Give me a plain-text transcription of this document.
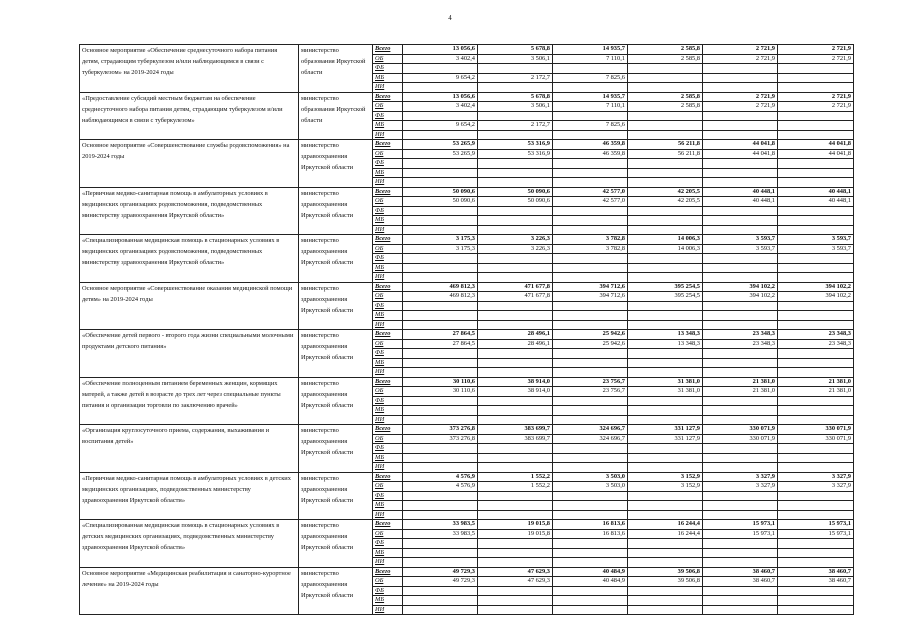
4
Основное мероприятие «Обеспечение среднесуточного набора питания детям, страдающим туберкулезом и/или наблюдающимся в связи с туберкулезом» на 2019-2024 годы	министерство образования Иркутской области	Всего	13 056,6	5 678,8	14 935,7	2 585,8	2 721,9	2 721,9
		ОБ	3 402,4	3 506,1	7 110,1	2 585,8	2 721,9	2 721,9
		ФБ						
		МБ	9 654,2	2 172,7	7 825,6			
		ИИ						
«Предоставление субсидий местным бюджетам на обеспечение среднесуточного набора питания детям, страдающим туберкулезом и/или наблюдающимся в связи с туберкулезом»	министерство образования Иркутской области	Всего	13 056,6	5 678,8	14 935,7	2 585,8	2 721,9	2 721,9
		ОБ	3 402,4	3 506,1	7 110,1	2 585,8	2 721,9	2 721,9
		ФБ						
		МБ	9 654,2	2 172,7	7 825,6			
		ИИ						
Основное мероприятие «Совершенствование службы родовспоможения» на 2019-2024 годы	министерство здравоохранения Иркутской области	Всего	53 265,9	53 316,9	46 359,8	56 211,8	44 041,8	44 041,8
		ОБ	53 265,9	53 316,9	46 359,8	56 211,8	44 041,8	44 041,8
		ФБ						
		МБ						
		ИИ						
«Первичная медико-санитарная помощь в амбулаторных условиях в медицинских организациях родовспоможения, подведомственных министерству здравоохранения Иркутской области»	министерство здравоохранения Иркутской области	Всего	50 090,6	50 090,6	42 577,0	42 205,5	40 448,1	40 448,1
		ОБ	50 090,6	50 090,6	42 577,0	42 205,5	40 448,1	40 448,1
		ФБ						
		МБ						
		ИИ						
«Специализированная медицинская помощь в стационарных условиях в медицинских организациях родовспоможения, подведомственных министерству здравоохранения Иркутской области»	министерство здравоохранения Иркутской области	Всего	3 175,3	3 226,3	3 782,8	14 006,3	3 593,7	3 593,7
		ОБ	3 175,3	3 226,3	3 782,8	14 006,3	3 593,7	3 593,7
		ФБ						
		МБ						
		ИИ						
Основное мероприятие «Совершенствование оказания медицинской помощи детям» на 2019-2024 годы	министерство здравоохранения Иркутской области	Всего	469 812,3	471 677,8	394 712,6	395 254,5	394 102,2	394 102,2
		ОБ	469 812,3	471 677,8	394 712,6	395 254,5	394 102,2	394 102,2
		ФБ						
		МБ						
		ИИ						
«Обеспечение детей первого - второго года жизни специальными молочными продуктами детского питания»	министерство здравоохранения Иркутской области	Всего	27 864,5	28 496,1	25 942,6	13 348,3	23 348,3	23 348,3
		ОБ	27 864,5	28 496,1	25 942,6	13 348,3	23 348,3	23 348,3
		ФБ						
		МБ						
		ИИ						
«Обеспечение полноценным питанием беременных женщин, кормящих матерей, а также детей в возрасте до трех лет через специальные пункты питания и организации торговли по заключению врачей»	министерство здравоохранения Иркутской области	Всего	30 110,6	38 914,0	23 756,7	31 381,0	21 381,0	21 381,0
		ОБ	30 110,6	38 914,0	23 756,7	31 381,0	21 381,0	21 381,0
		ФБ						
		МБ						
		ИИ						
«Организация круглосуточного приема, содержания, выхаживания и воспитания детей»	министерство здравоохранения Иркутской области	Всего	373 276,8	383 699,7	324 696,7	331 127,9	330 071,9	330 071,9
		ОБ	373 276,8	383 699,7	324 696,7	331 127,9	330 071,9	330 071,9
		ФБ						
		МБ						
		ИИ						
«Первичная медико-санитарная помощь в амбулаторных условиях в детских медицинских организациях, подведомственных министерству здравоохранения Иркутской области»	министерство здравоохранения Иркутской области	Всего	4 576,9	1 552,2	3 503,0	3 152,9	3 327,9	3 327,9
		ОБ	4 576,9	1 552,2	3 503,0	3 152,9	3 327,9	3 327,9
		ФБ						
		МБ						
		ИИ						
«Специализированная медицинская помощь в стационарных условиях в детских медицинских организациях, подведомственных министерству здравоохранения Иркутской области»	министерство здравоохранения Иркутской области	Всего	33 983,5	19 015,8	16 813,6	16 244,4	15 973,1	15 973,1
		ОБ	33 983,5	19 015,8	16 813,6	16 244,4	15 973,1	15 973,1
		ФБ						
		МБ						
		ИИ						
Основное мероприятие «Медицинская реабилитация и санаторно-курортное лечение» на 2019-2024 годы	министерство здравоохранения Иркутской области	Всего	49 729,3	47 629,3	40 484,9	39 506,8	38 460,7	38 460,7
		ОБ	49 729,3	47 629,3	40 484,9	39 506,8	38 460,7	38 460,7
		ФБ						
		МБ						
		ИИ						
